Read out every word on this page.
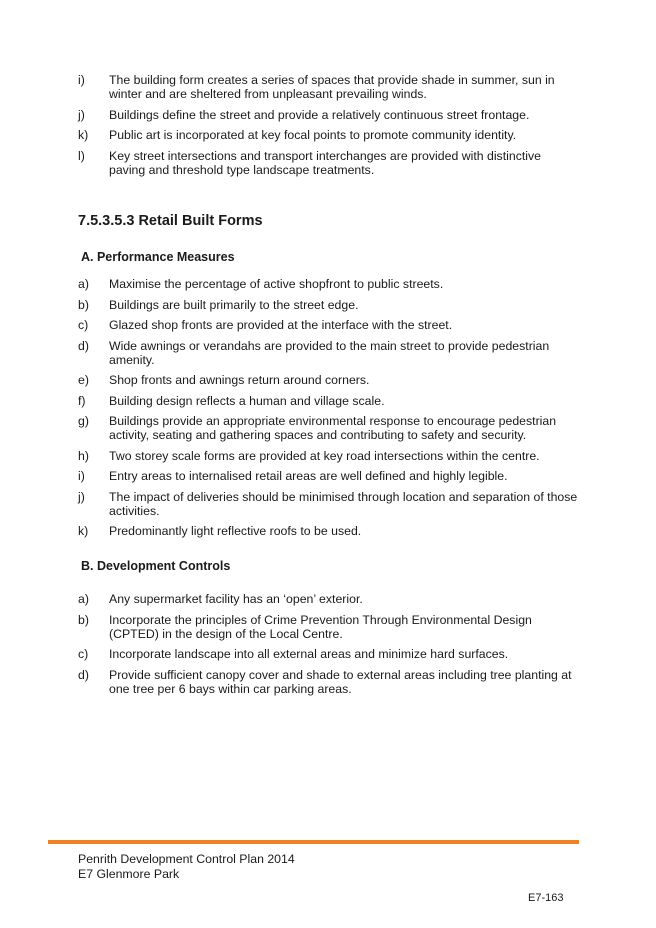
i)	The building form creates a series of spaces that provide shade in summer, sun in winter and are sheltered from unpleasant prevailing winds.
j)	Buildings define the street and provide a relatively continuous street frontage.
k)	Public art is incorporated at key focal points to promote community identity.
l)	Key street intersections and transport interchanges are provided with distinctive paving and threshold type landscape treatments.
7.5.3.5.3 Retail Built Forms
A. Performance Measures
a)	Maximise the percentage of active shopfront to public streets.
b)	Buildings are built primarily to the street edge.
c)	Glazed shop fronts are provided at the interface with the street.
d)	Wide awnings or verandahs are provided to the main street to provide pedestrian amenity.
e)	Shop fronts and awnings return around corners.
f)	Building design reflects a human and village scale.
g)	Buildings provide an appropriate environmental response to encourage pedestrian activity, seating and gathering spaces and contributing to safety and security.
h)	Two storey scale forms are provided at key road intersections within the centre.
i)	Entry areas to internalised retail areas are well defined and highly legible.
j)	The impact of deliveries should be minimised through location and separation of those activities.
k)	Predominantly light reflective roofs to be used.
B. Development Controls
a)	Any supermarket facility has an ‘open’ exterior.
b)	Incorporate the principles of Crime Prevention Through Environmental Design (CPTED) in the design of the Local Centre.
c)	Incorporate landscape into all external areas and minimize hard surfaces.
d)	Provide sufficient canopy cover and shade to external areas including tree planting at one tree per 6 bays within car parking areas.
Penrith Development Control Plan 2014
E7 Glenmore Park
E7-163
